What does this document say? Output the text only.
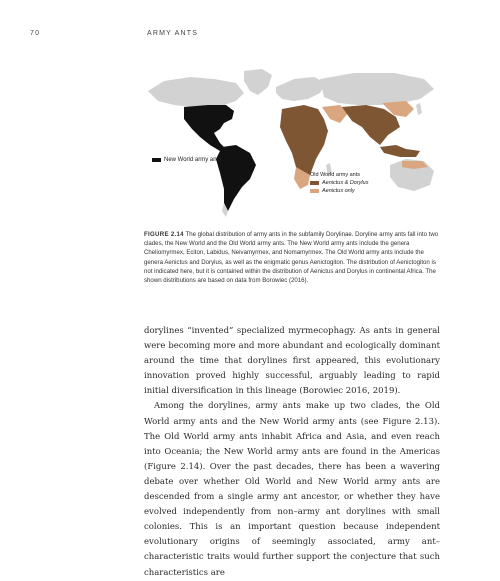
70	ARMY ANTS
New World army ants
Old World army ants
Aenictus & Dorylus
Aenictus only

FIGURE 2.14 The global distribution of army ants in the subfamily Dorylinae. Doryline army ants fall into two clades, the New World and the Old World army ants. The New World army ants include the genera Cheliomyrmex, Eciton, Labidus, Neivamyrmex, and Nomamyrmex. The Old World army ants include the genera Aenictus and Dorylus, as well as the enigmatic genus Aenictogiton. The distribution of Aenictogiton is not indicated here, but it is contained within the distribution of Aenictus and Dorylus in continental Africa. The shown distributions are based on data from Borowiec (2016).

dorylines “invented” specialized myrmecophagy. As ants in general were becoming more and more abundant and ecologically dominant around the time that dorylines first appeared, this evolutionary innovation proved highly successful, arguably leading to rapid initial diversification in this lineage (Borowiec 2016, 2019).

Among the dorylines, army ants make up two clades, the Old World army ants and the New World army ants (see Figure 2.13). The Old World army ants inhabit Africa and Asia, and even reach into Oceania; the New World army ants are found in the Americas (Figure 2.14). Over the past decades, there has been a wavering debate over whether Old World and New World army ants are descended from a single army ant ancestor, or whether they have evolved independently from non–army ant dorylines with small colonies. This is an important question because independent evolutionary origins of seemingly associated, army ant–characteristic traits would further support the conjecture that such characteristics are
